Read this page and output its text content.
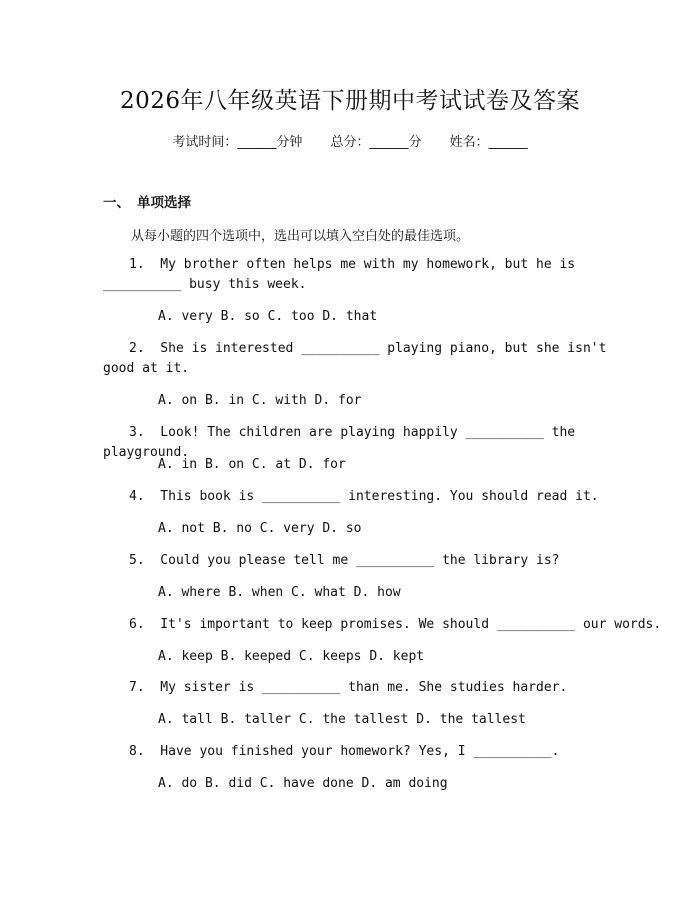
2026年八年级英语下册期中考试试卷及答案
考试时间：______分钟 总分：______分 姓名：______
一、 单项选择
从每小题的四个选项中，选出可以填入空白处的最佳选项。
1.  My brother often helps me with my homework, but he is __________ busy this week.
A. very B. so C. too D. that
2.  She is interested __________ playing piano, but she isn't good at it.
A. on B. in C. with D. for
3.  Look! The children are playing happily __________ the playground.
A. in B. on C. at D. for
4.  This book is __________ interesting. You should read it.
A. not B. no C. very D. so
5.  Could you please tell me __________ the library is?
A. where B. when C. what D. how
6.  It's important to keep promises. We should __________ our words.
A. keep B. keeped C. keeps D. kept
7.  My sister is __________ than me. She studies harder.
A. tall B. taller C. the tallest D. the tallest
8.  Have you finished your homework? Yes, I __________.
A. do B. did C. have done D. am doing
